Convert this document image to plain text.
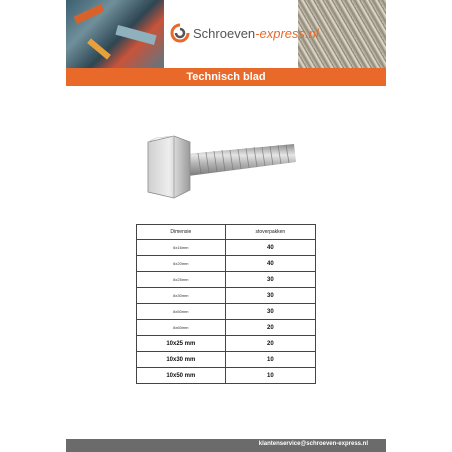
Schroeven-express.nl
Technisch blad
Dimensie	stoverpakken
6x16mm	40
6x20mm	40
8x25mm	30
8x30mm	30
8x50mm	30
8x60mm	20
10x25 mm	20
10x30 mm	10
10x50 mm	10
klantenservice@schroeven-express.nl
